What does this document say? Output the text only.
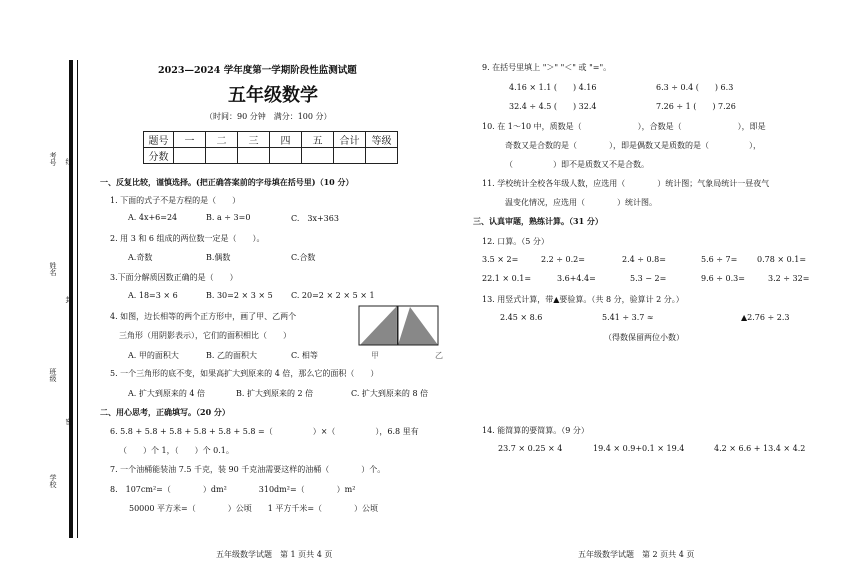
考号 线
姓名
封
班级
密
学校
2023—2024 学年度第一学期阶段性监测试题
五年级数学
（时间：90 分钟　满分：100 分）
题号	一	二	三	四	五	合计	等级
分数							
一、反复比较，谨慎选择。(把正确答案前的字母填在括号里)（10 分）
1. 下面的式子不是方程的是（　　）
A. 4x+6=24	B. a ÷ 3=0	C.　3x+363
2. 用 3 和 6 组成的两位数一定是（　　）。
A.奇数	B.偶数	C.合数
3.下面分解质因数正确的是（　　）
A. 18=3 × 6	B. 30=2 × 3 × 5 C. 20=2 × 2 × 5 × 1
4. 如图，边长相等的两个正方形中，画了甲、乙两个
三角形（用阴影表示），它们的面积相比（　　）
A. 甲的面积大	B. 乙的面积大	C. 相等	甲	乙
5. 一个三角形的底不变，如果高扩大到原来的 4 倍，那么它的面积（　　）
A. 扩大到原来的 4 倍	B. 扩大到原来的 2 倍	C. 扩大到原来的 8 倍
二、用心思考，正确填写。（20 分）
6. 5.8 + 5.8 + 5.8 + 5.8 + 5.8 + 5.8 =（　　　　　）×（　　　　　），6.8 里有
（　　）个 1，（　　）个 0.1。
7. 一个油桶能装油 7.5 千克，装 90 千克油需要这样的油桶（　　　　）个。
8.　107cm²=（　　　　）dm²　　　　310dm²=（　　　　）m²
50000 平方米=（　　　　）公顷　　1 平方千米=（　　　　）公顷
五年级数学试题　第 1 页共 4 页
9. 在括号里填上 "＞" "＜" 或 "="。
4.16 × 1.1 (　　) 4.16	6.3 ÷ 0.4 (　　) 6.3
32.4 ÷ 4.5 (　　) 32.4	7.26 ÷ 1 (　　) 7.26
10. 在 1～10 中，质数是（　　　　　　　），合数是（　　　　　　　），即是
奇数又是合数的是（　　　　），即是偶数又是质数的是（　　　　　），
（　　　　　）即不是质数又不是合数。
11. 学校统计全校各年级人数，应选用（　　　　）统计图；气象局统计一昼夜气
温变化情况，应选用（　　　　）统计图。
三、认真审题，熟练计算。（31 分）
12. 口算。（5 分）
3.5 × 2=	2.2 ÷ 0.2=	2.4 ÷ 0.8=	5.6 ÷ 7= 0.78 × 0.1=
22.1 × 0.1=	3.6+4.4=	5.3 − 2=	9.6 ÷ 0.3=	3.2 ÷ 32=
13. 用竖式计算，带▲要验算。（共 8 分，验算计 2 分。）
2.45 × 8.6	5.41 ÷ 3.7 ≈	▲2.76 ÷ 2.3
（得数保留两位小数）
14. 能简算的要简算。（9 分）
23.7 × 0.25 × 4	19.4 × 0.9+0.1 × 19.4	4.2 × 6.6 + 13.4 × 4.2
五年级数学试题　第 2 页共 4 页
